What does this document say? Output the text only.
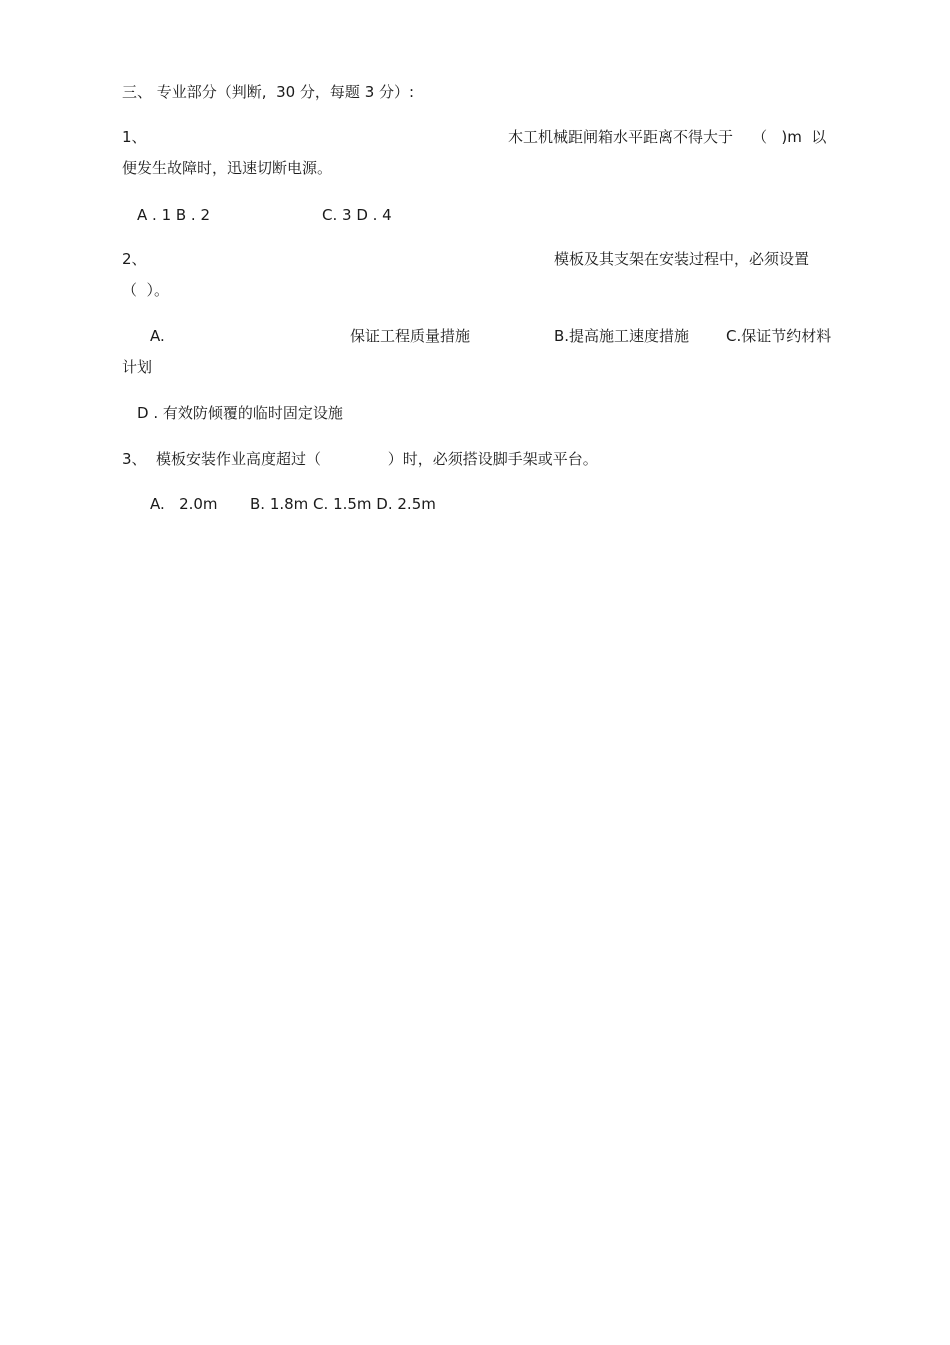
三、 专业部分（判断,  30 分，每题 3 分）:
1、	木工机械距闸箱水平距离不得大于    （   )m  以
便发生故障时，迅速切断电源。
A . 1 B . 2	C. 3 D . 4
2、	模板及其支架在安装过程中，必须设置
（  ）。
A.	保证工程质量措施	B.提高施工速度措施 C.保证节约材料
计划
D . 有效防倾覆的临时固定设施
3、 模板安装作业高度超过（              ）时，必须搭设脚手架或平台。
A.   2.0m B. 1.8m C. 1.5m D. 2.5m
